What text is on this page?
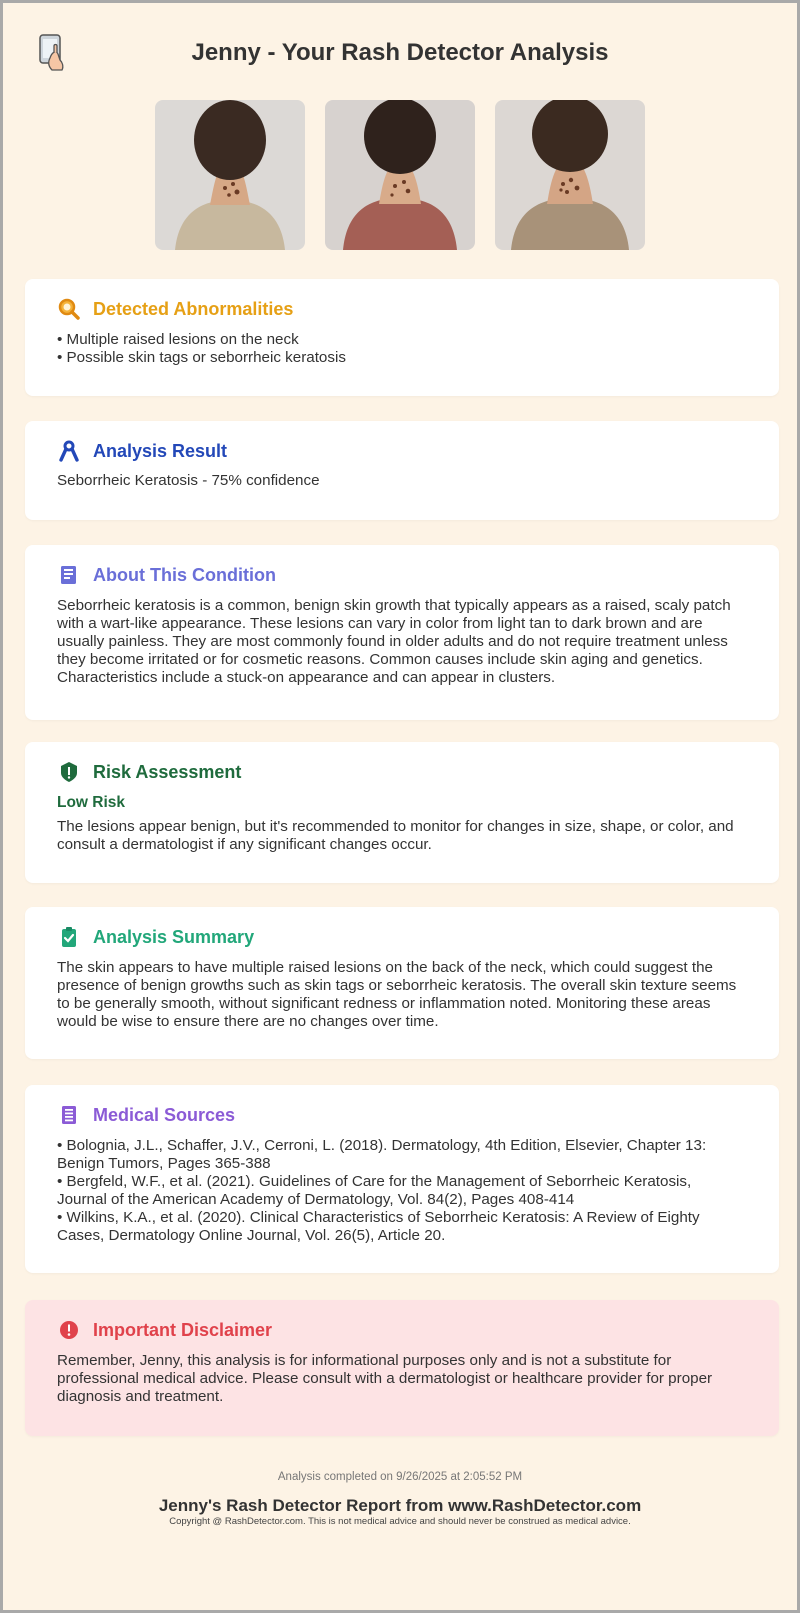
Jenny - Your Rash Detector Analysis
Detected Abnormalities
• Multiple raised lesions on the neck
• Possible skin tags or seborrheic keratosis
Analysis Result
Seborrheic Keratosis - 75% confidence
About This Condition
Seborrheic keratosis is a common, benign skin growth that typically appears as a raised, scaly patch with a wart-like appearance. These lesions can vary in color from light tan to dark brown and are usually painless. They are most commonly found in older adults and do not require treatment unless they become irritated or for cosmetic reasons. Common causes include skin aging and genetics. Characteristics include a stuck-on appearance and can appear in clusters.
Risk Assessment
Low Risk
The lesions appear benign, but it's recommended to monitor for changes in size, shape, or color, and consult a dermatologist if any significant changes occur.
Analysis Summary
The skin appears to have multiple raised lesions on the back of the neck, which could suggest the presence of benign growths such as skin tags or seborrheic keratosis. The overall skin texture seems to be generally smooth, without significant redness or inflammation noted. Monitoring these areas would be wise to ensure there are no changes over time.
Medical Sources
• Bolognia, J.L., Schaffer, J.V., Cerroni, L. (2018). Dermatology, 4th Edition, Elsevier, Chapter 13: Benign Tumors, Pages 365-388
• Bergfeld, W.F., et al. (2021). Guidelines of Care for the Management of Seborrheic Keratosis, Journal of the American Academy of Dermatology, Vol. 84(2), Pages 408-414
• Wilkins, K.A., et al. (2020). Clinical Characteristics of Seborrheic Keratosis: A Review of Eighty Cases, Dermatology Online Journal, Vol. 26(5), Article 20.
Important Disclaimer
Remember, Jenny, this analysis is for informational purposes only and is not a substitute for professional medical advice. Please consult with a dermatologist or healthcare provider for proper diagnosis and treatment.
Analysis completed on 9/26/2025 at 2:05:52 PM
Jenny's Rash Detector Report from www.RashDetector.com
Copyright @ RashDetector.com. This is not medical advice and should never be construed as medical advice.
